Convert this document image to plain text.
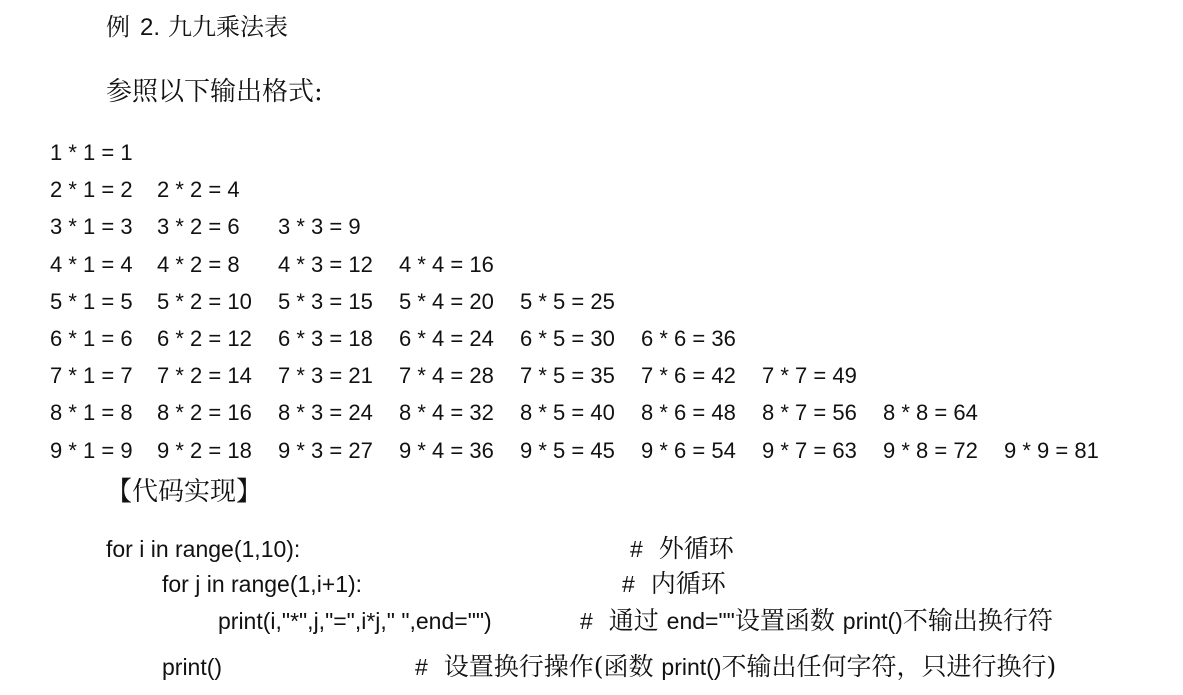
例 2. 九九乘法表
参照以下输出格式:
1 * 1 = 1
2 * 1 = 2 2 * 2 = 4
3 * 1 = 3 3 * 2 = 6 3 * 3 = 9
4 * 1 = 4 4 * 2 = 8 4 * 3 = 12 4 * 4 = 16
5 * 1 = 5 5 * 2 = 10 5 * 3 = 15 5 * 4 = 20 5 * 5 = 25
6 * 1 = 6 6 * 2 = 12 6 * 3 = 18 6 * 4 = 24 6 * 5 = 30 6 * 6 = 36
7 * 1 = 7 7 * 2 = 14 7 * 3 = 21 7 * 4 = 28 7 * 5 = 35 7 * 6 = 42 7 * 7 = 49
8 * 1 = 8 8 * 2 = 16 8 * 3 = 24 8 * 4 = 32 8 * 5 = 40 8 * 6 = 48 8 * 7 = 56 8 * 8 = 64
9 * 1 = 9 9 * 2 = 18 9 * 3 = 27 9 * 4 = 36 9 * 5 = 45 9 * 6 = 54 9 * 7 = 63 9 * 8 = 72 9 * 9 = 81
【代码实现】
for i in range(1,10):	# 外循环
for j in range(1,i+1):	# 内循环
print(i,"*",j,"=",i*j," ",end="")	# 通过 end=""设置函数 print()不输出换行符
print()	# 设置换行操作(函数 print()不输出任何字符，只进行换行)
